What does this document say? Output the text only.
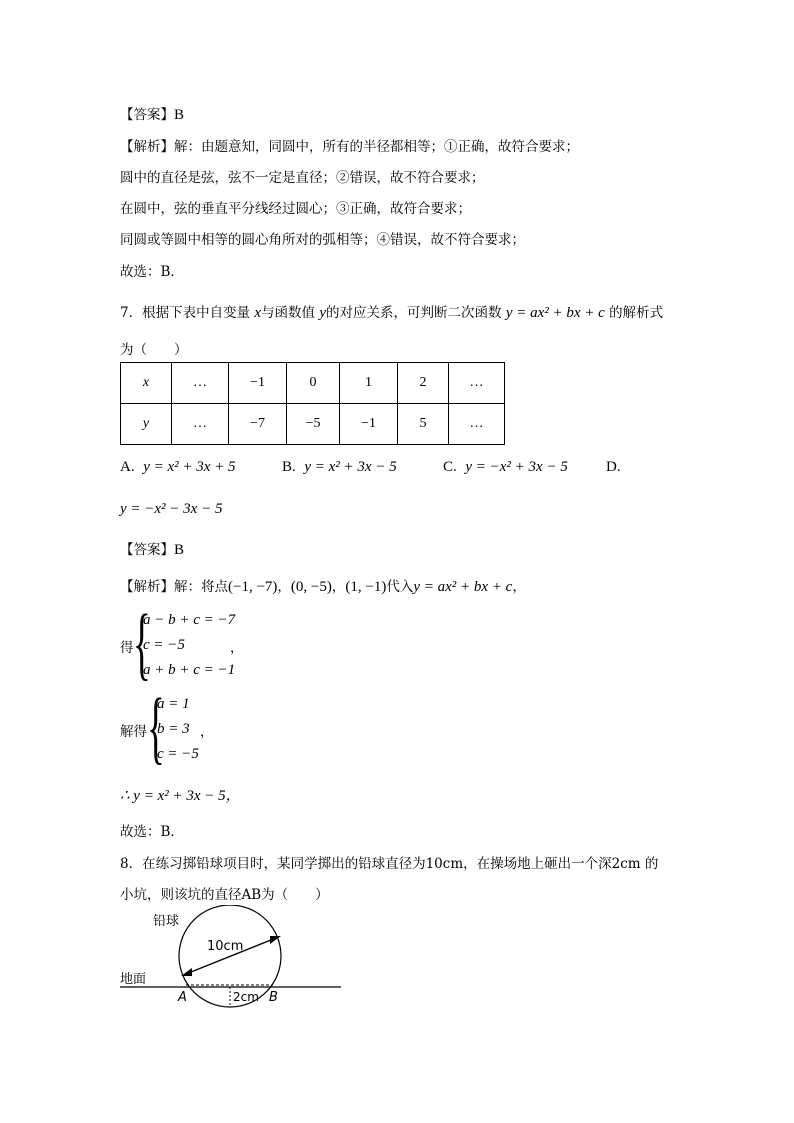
【答案】B
【解析】解：由题意知，同圆中，所有的半径都相等；①正确，故符合要求；
圆中的直径是弦，弦不一定是直径；②错误，故不符合要求；
在圆中，弦的垂直平分线经过圆心；③正确，故符合要求；
同圆或等圆中相等的圆心角所对的弧相等；④错误，故不符合要求；
故选：B．
7．根据下表中自变量 x与函数值 y的对应关系，可判断二次函数 y = ax² + bx + c 的解析式
为（　　）
x	…	−1	0	1	2	…
y	…	−7	−5	−1	5	…
A. y = x² + 3x + 5	B. y = x² + 3x − 5	C. y = −x² + 3x − 5	D.
y = −x² − 3x − 5
【答案】B
【解析】解：将点(−1, −7)，(0, −5)，(1, −1)代入y = ax² + bx + c，
得 {
a − b + c = −7
c = −5
a + b + c = −1
，
解得 {
a = 1
b = 3
c = −5
，
∴ y = x² + 3x − 5，
故选：B．
8．在练习掷铅球项目时，某同学掷出的铅球直径为10cm，在操场地上砸出一个深2cm 的
小坑，则该坑的直径AB为（　　）
铅球
10cm
地面
A	B
2cm
